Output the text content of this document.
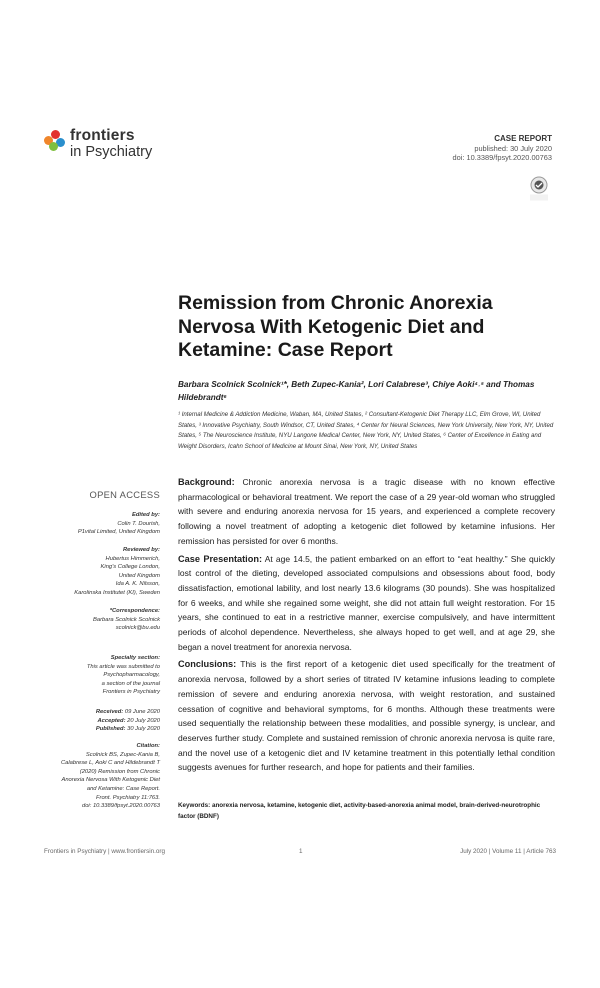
frontiers
in Psychiatry
CASE REPORT
published: 30 July 2020
doi: 10.3389/fpsyt.2020.00763
Remission from Chronic Anorexia Nervosa With Ketogenic Diet and Ketamine: Case Report
Barbara Scolnick Scolnick¹*, Beth Zupec-Kania², Lori Calabrese³, Chiye Aoki⁴˒⁵ and Thomas Hildebrandt⁶
¹ Internal Medicine & Addiction Medicine, Waban, MA, United States, ² Consultant-Ketogenic Diet Therapy LLC, Elm Grove, WI, United States, ³ Innovative Psychiatry, South Windsor, CT, United States, ⁴ Center for Neural Sciences, New York University, New York, NY, United States, ⁵ The Neuroscience Institute, NYU Langone Medical Center, New York, NY, United States, ⁶ Center of Excellence in Eating and Weight Disorders, Icahn School of Medicine at Mount Sinai, New York, NY, United States
OPEN ACCESS
Edited by:
Colin T. Dourish,
P1vital Limited, United Kingdom
Reviewed by:
Hubertus Himmerich,
King's College London,
United Kingdom
Ida A. K. Nilsson,
Karolinska Institutet (KI), Sweden
*Correspondence:
Barbara Scolnick Scolnick
scolnick@bu.edu
Specialty section:
This article was submitted to
Psychopharmacology,
a section of the journal
Frontiers in Psychiatry
Received: 09 June 2020
Accepted: 20 July 2020
Published: 30 July 2020
Citation:
Scolnick BS, Zupec-Kania B,
Calabrese L, Aoki C and Hildebrandt T
(2020) Remission from Chronic
Anorexia Nervosa With Ketogenic Diet
and Ketamine: Case Report.
Front. Psychiatry 11:763.
doi: 10.3389/fpsyt.2020.00763

Background: Chronic anorexia nervosa is a tragic disease with no known effective pharmacological or behavioral treatment. We report the case of a 29 year-old woman who struggled with severe and enduring anorexia nervosa for 15 years, and experienced a complete recovery following a novel treatment of adopting a ketogenic diet followed by ketamine infusions. Her remission has persisted for over 6 months.

Case Presentation: At age 14.5, the patient embarked on an effort to “eat healthy.” She quickly lost control of the dieting, developed associated compulsions and obsessions about food, body dissatisfaction, emotional lability, and lost nearly 13.6 kilograms (30 pounds). She was hospitalized for 6 weeks, and while she regained some weight, she did not attain full weight restoration. For 15 years, she continued to eat in a restrictive manner, exercise compulsively, and have intermittent periods of alcohol dependence. Nevertheless, she always hoped to get well, and at age 29, she began a novel treatment for anorexia nervosa.

Conclusions: This is the first report of a ketogenic diet used specifically for the treatment of anorexia nervosa, followed by a short series of titrated IV ketamine infusions leading to complete remission of severe and enduring anorexia nervosa, with weight restoration, and sustained cessation of cognitive and behavioral symptoms, for 6 months. Although these treatments were used sequentially the relationship between these modalities, and possible synergy, is unclear, and deserves further study. Complete and sustained remission of chronic anorexia nervosa is quite rare, and the novel use of a ketogenic diet and IV ketamine treatment in this potentially lethal condition suggests avenues for further research, and hope for patients and their families.

Keywords: anorexia nervosa, ketamine, ketogenic diet, activity-based-anorexia animal model, brain-derived-neurotrophic factor (BDNF)
Frontiers in Psychiatry | www.frontiersin.org	1	July 2020 | Volume 11 | Article 763
